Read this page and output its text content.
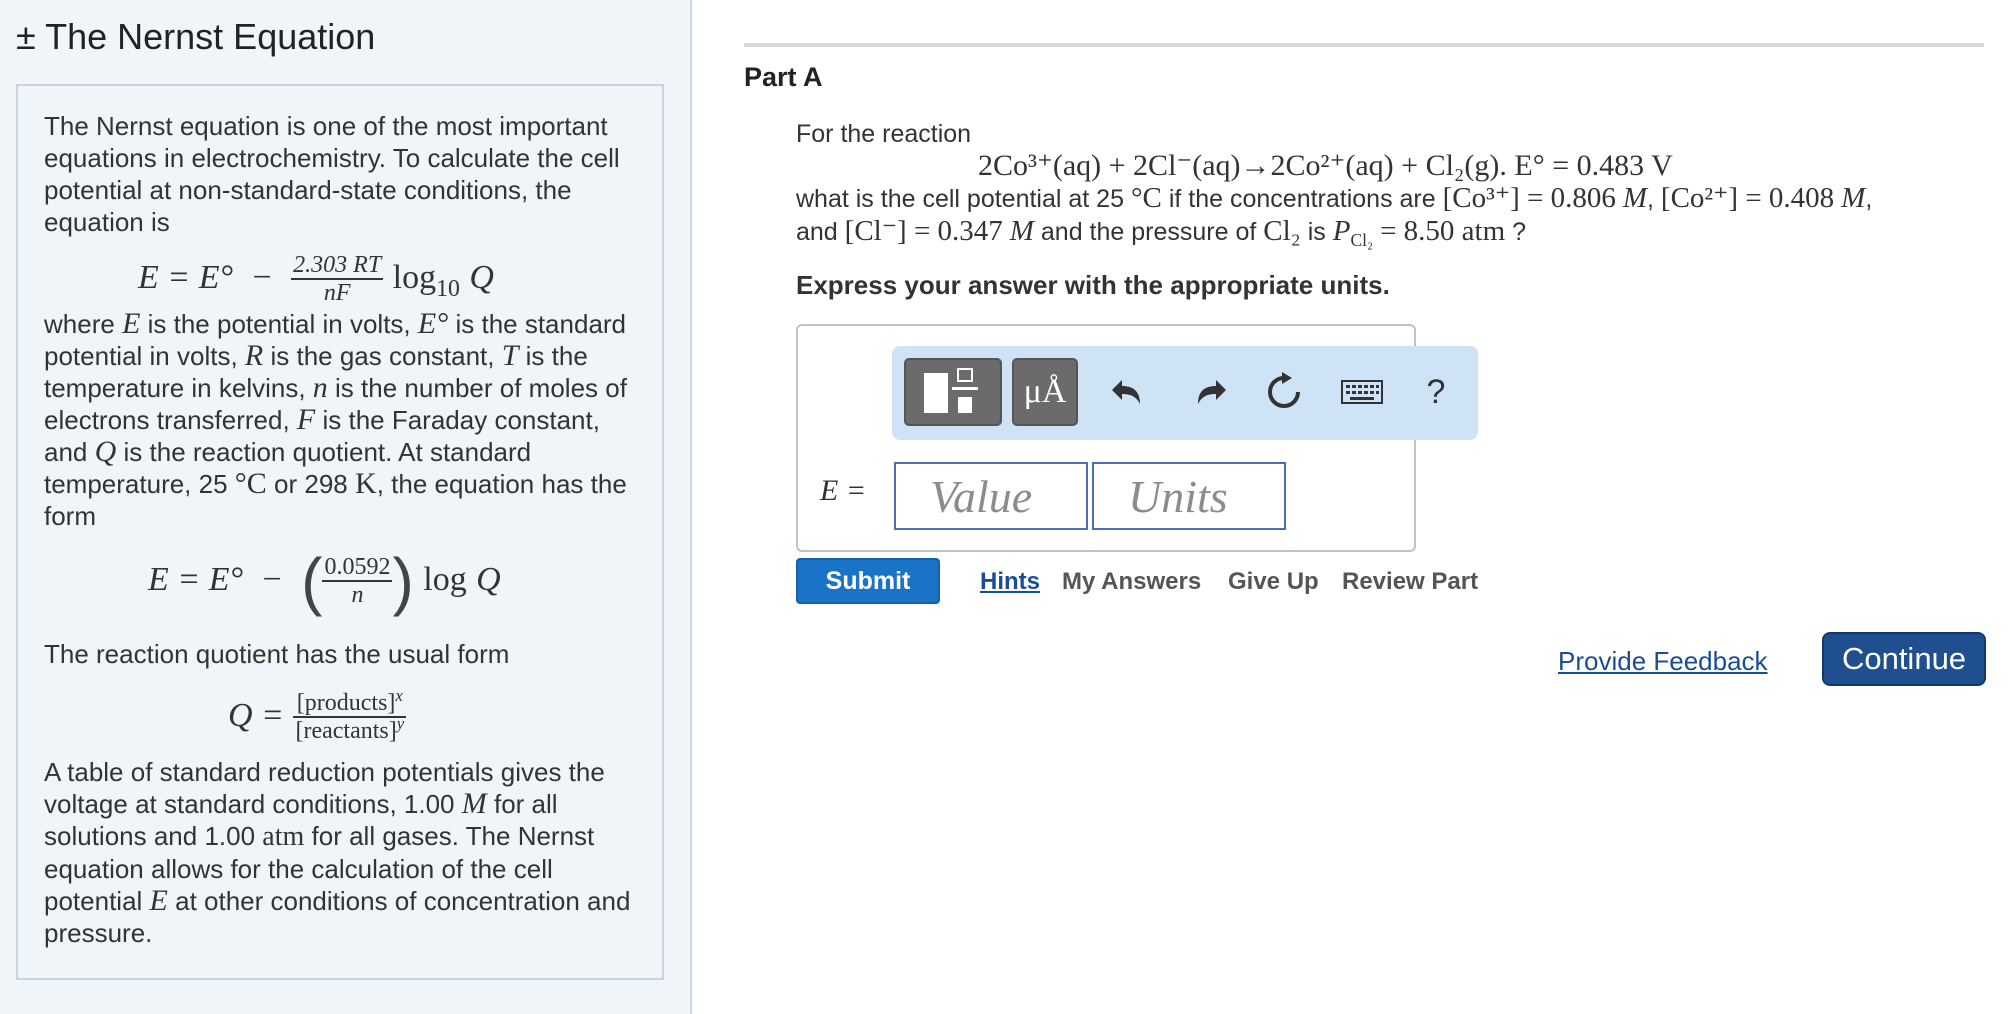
± The Nernst Equation

The Nernst equation is one of the most important equations in electrochemistry. To calculate the cell potential at non-standard-state conditions, the equation is

$E = E^\circ - \frac{2.303 RT}{nF} \log_{10} Q$

where E is the potential in volts, E° is the standard potential in volts, R is the gas constant, T is the temperature in kelvins, n is the number of moles of electrons transferred, F is the Faraday constant, and Q is the reaction quotient. At standard temperature, 25 °C or 298 K, the equation has the form

E = E° − ( $\frac{0.0592}{n}$ ) log Q

The reaction quotient has the usual form

$Q = \frac{[products]^x}{[reactants]^y}$

A table of standard reduction potentials gives the voltage at standard conditions, 1.00 M for all solutions and 1.00 atm for all gases. The Nernst equation allows for the calculation of the cell potential E at other conditions of concentration and pressure.

Part A
For the reaction
2Co³⁺(aq) + 2Cl⁻(aq)→2Co²⁺(aq) + Cl₂(g). E° = 0.483 V
what is the cell potential at 25 °C if the concentrations are [Co³⁺] = 0.806 M, [Co²⁺] = 0.408 M,
and [Cl⁻] = 0.347 M and the pressure of Cl₂ is $P_{Cl_2} = 8.50$ atm ?
Express your answer with the appropriate units.
μÅ	?
E =
Value
Units
Submit	Hints My Answers Give Up Review Part
Provide Feedback	Continue
